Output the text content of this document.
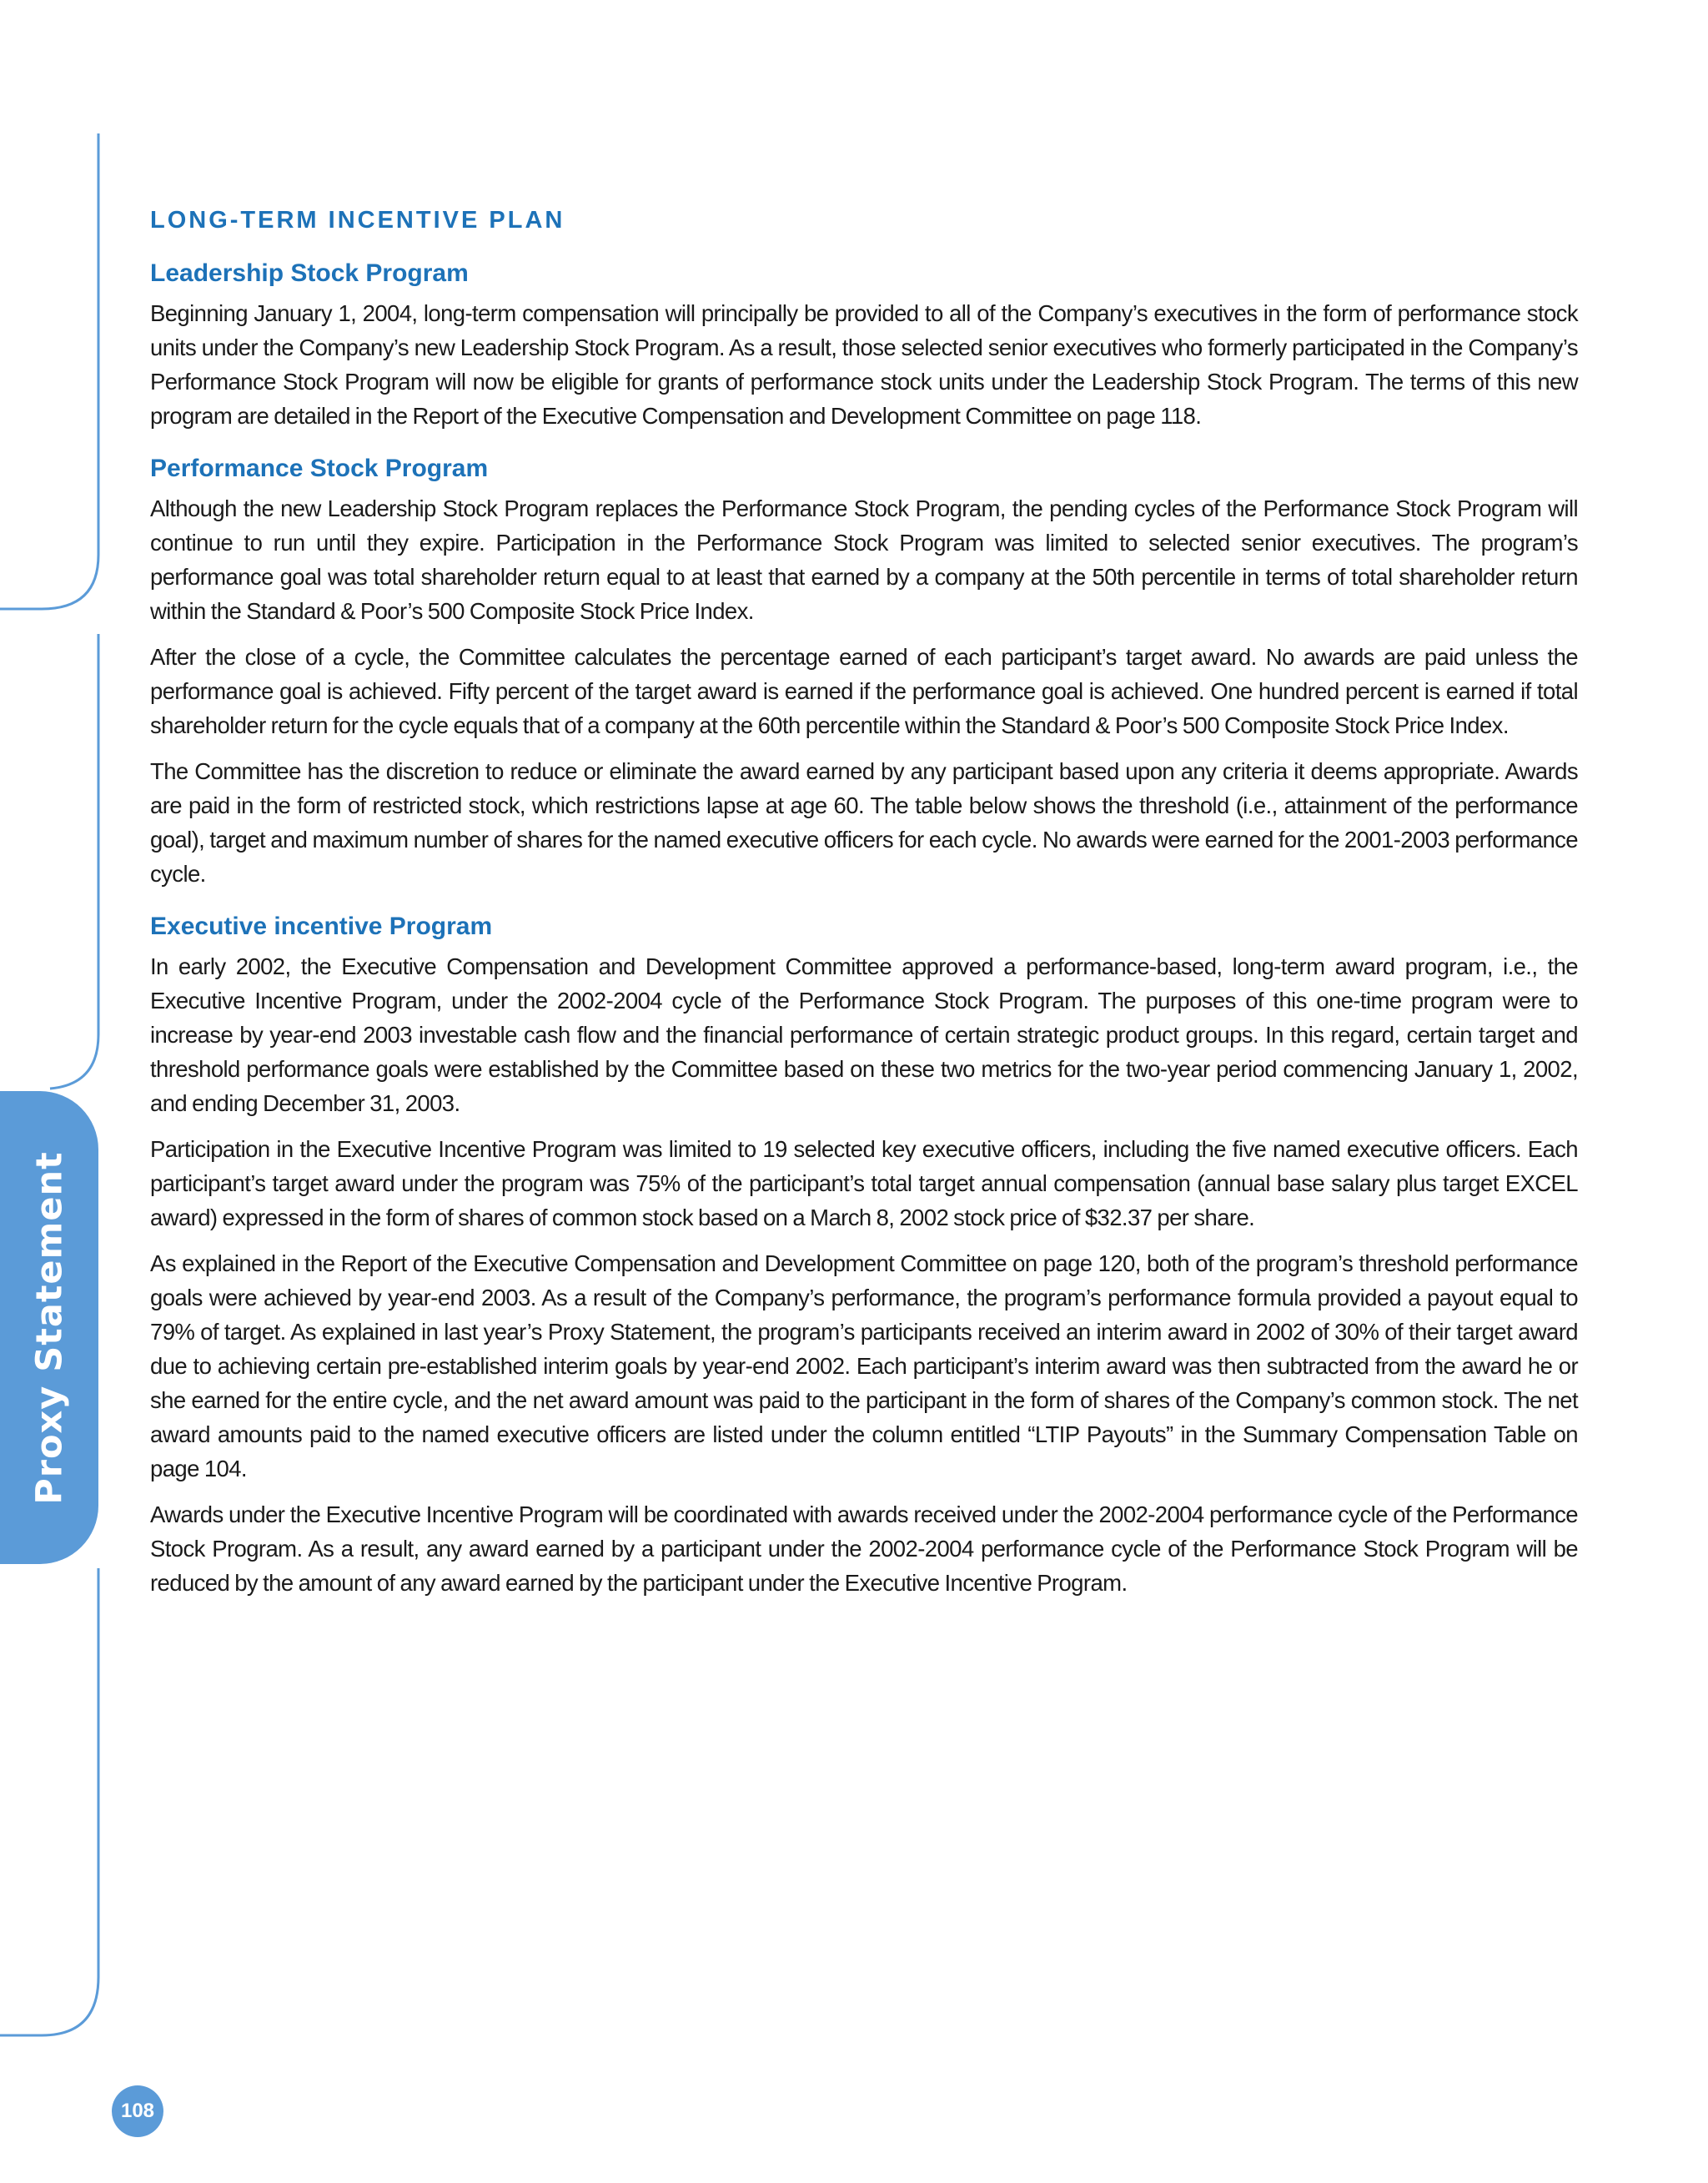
Proxy Statement
108
LONG-TERM INCENTIVE PLAN
Leadership Stock Program

Beginning January 1, 2004, long-term compensation will principally be provided to all of the Company’s executives in the form of performance stock units under the Company’s new Leadership Stock Program. As a result, those selected senior executives who formerly participated in the Company’s Performance Stock Program will now be eligible for grants of performance stock units under the Leadership Stock Program. The terms of this new program are detailed in the Report of the Executive Compensation and Development Committee on page 118.

Performance Stock Program

Although the new Leadership Stock Program replaces the Performance Stock Program, the pending cycles of the Performance Stock Program will continue to run until they expire. Participation in the Performance Stock Program was limited to selected senior executives. The program’s performance goal was total shareholder return equal to at least that earned by a company at the 50th percentile in terms of total shareholder return within the Standard & Poor’s 500 Composite Stock Price Index.

After the close of a cycle, the Committee calculates the percentage earned of each participant’s target award. No awards are paid unless the performance goal is achieved. Fifty percent of the target award is earned if the performance goal is achieved. One hundred percent is earned if total shareholder return for the cycle equals that of a company at the 60th percentile within the Standard & Poor’s 500 Composite Stock Price Index.

The Committee has the discretion to reduce or eliminate the award earned by any participant based upon any criteria it deems appropriate. Awards are paid in the form of restricted stock, which restrictions lapse at age 60. The table below shows the threshold (i.e., attainment of the performance goal), target and maximum number of shares for the named executive officers for each cycle. No awards were earned for the 2001-2003 performance cycle.

Executive incentive Program

In early 2002, the Executive Compensation and Development Committee approved a performance-based, long-term award program, i.e., the Executive Incentive Program, under the 2002-2004 cycle of the Performance Stock Program. The purposes of this one-time program were to increase by year-end 2003 investable cash flow and the financial performance of certain strategic product groups. In this regard, certain target and threshold performance goals were established by the Committee based on these two metrics for the two-year period commencing January 1, 2002, and ending December 31, 2003.

Participation in the Executive Incentive Program was limited to 19 selected key executive officers, including the five named executive officers. Each participant’s target award under the program was 75% of the participant’s total target annual compensation (annual base salary plus target EXCEL award) expressed in the form of shares of common stock based on a March 8, 2002 stock price of $32.37 per share.

As explained in the Report of the Executive Compensation and Development Committee on page 120, both of the program’s threshold performance goals were achieved by year-end 2003. As a result of the Company’s performance, the program’s performance formula provided a payout equal to 79% of target. As explained in last year’s Proxy Statement, the program’s participants received an interim award in 2002 of 30% of their target award due to achieving certain pre-established interim goals by year-end 2002. Each participant’s interim award was then subtracted from the award he or she earned for the entire cycle, and the net award amount was paid to the participant in the form of shares of the Company’s common stock. The net award amounts paid to the named executive officers are listed under the column entitled “LTIP Payouts” in the Summary Compensation Table on page 104.

Awards under the Executive Incentive Program will be coordinated with awards received under the 2002-2004 performance cycle of the Performance Stock Program. As a result, any award earned by a participant under the 2002-2004 performance cycle of the Performance Stock Program will be reduced by the amount of any award earned by the participant under the Executive Incentive Program.
